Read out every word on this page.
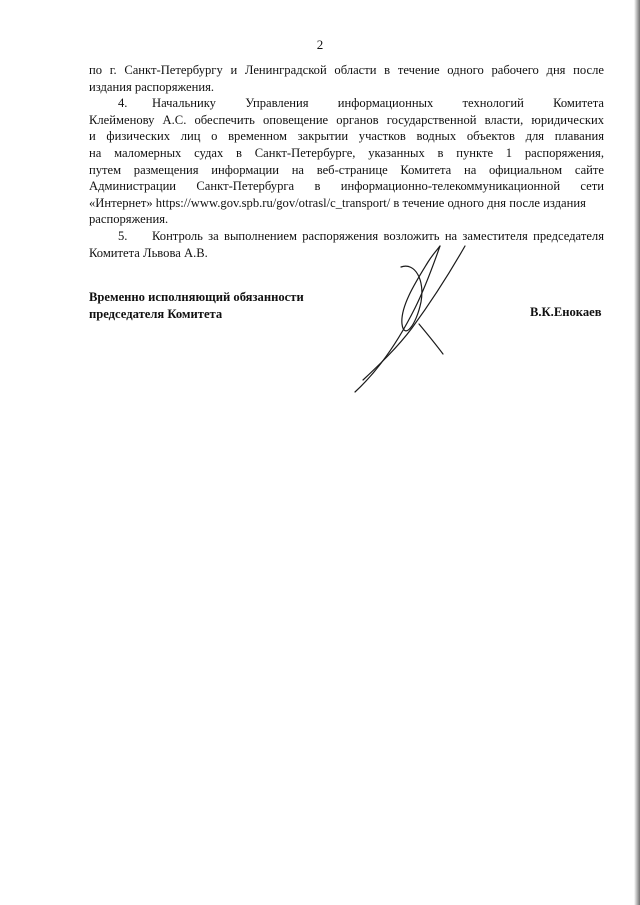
2
по г. Санкт-Петербургу и Ленинградской области в течение одного рабочего дня после
издания распоряжения.
4. Начальнику Управления информационных технологий Комитета
Клейменову А.С. обеспечить оповещение органов государственной власти, юридических
и физических лиц о временном закрытии участков водных объектов для плавания
на маломерных судах в Санкт-Петербурге, указанных в пункте 1 распоряжения,
путем размещения информации на веб-странице Комитета на официальном сайте
Администрации Санкт-Петербурга в информационно-телекоммуникационной сети
«Интернет» https://www.gov.spb.ru/gov/otrasl/c_transport/ в течение одного дня после издания
распоряжения.
5. Контроль за выполнением распоряжения возложить на заместителя председателя
Комитета Львова А.В.
Временно исполняющий обязанности
председателя Комитета	В.К.Енокаев
